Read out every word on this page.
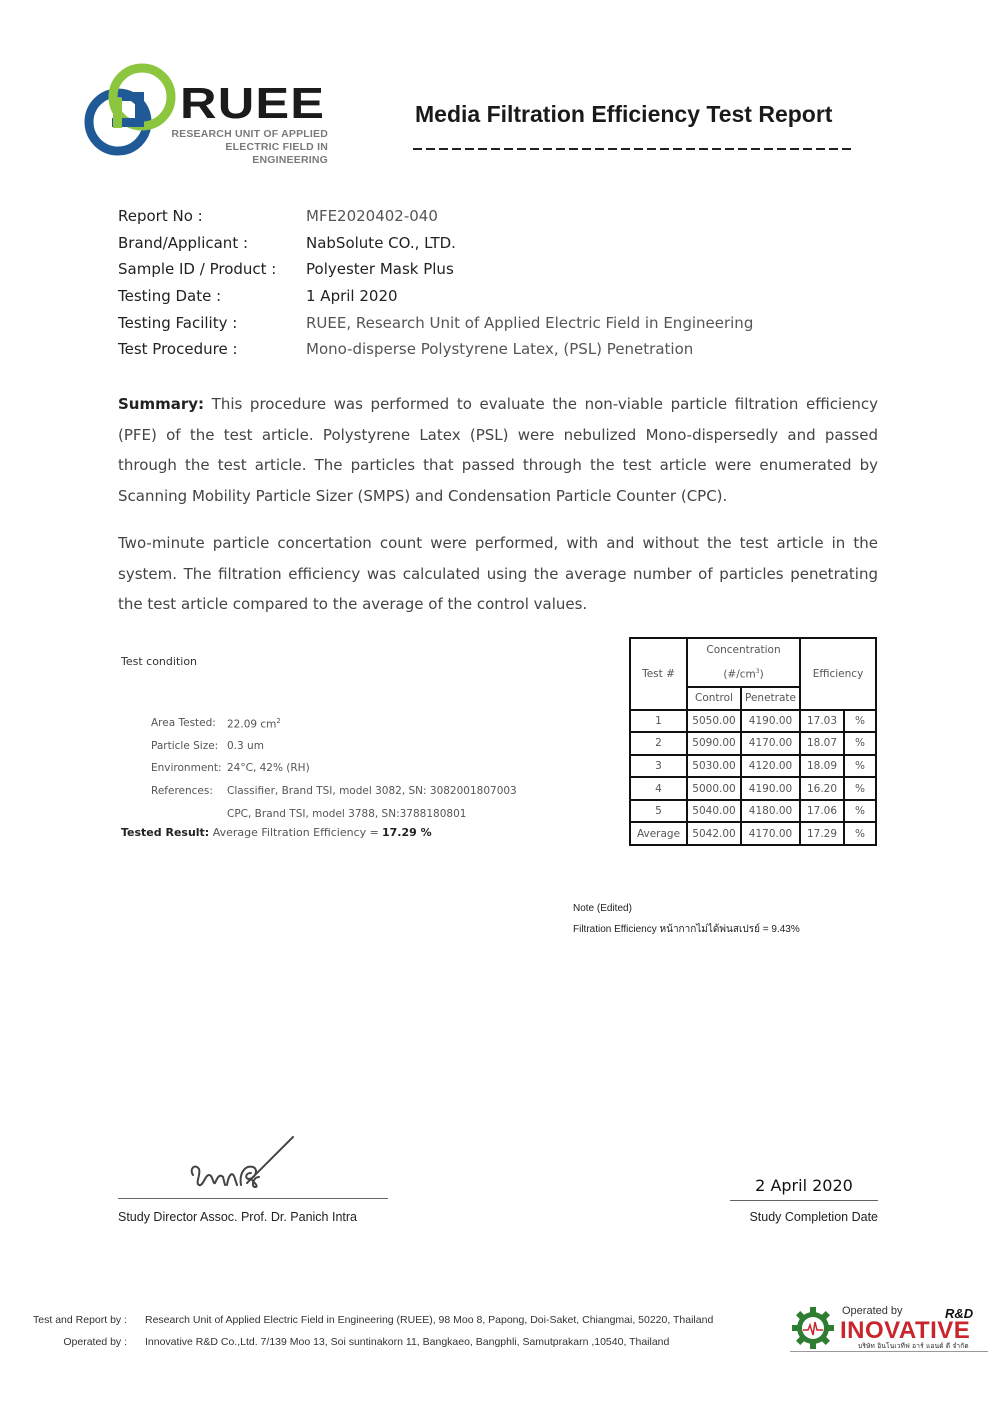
RUEE
RESEARCH UNIT OF APPLIED
ELECTRIC FIELD IN ENGINEERING
Media Filtration Efficiency Test Report
Report No :	MFE2020402-040
Brand/Applicant :	NabSolute CO., LTD.
Sample ID / Product :	Polyester Mask Plus
Testing Date :	1 April 2020
Testing Facility :	RUEE, Research Unit of Applied Electric Field in Engineering
Test Procedure :	Mono-disperse Polystyrene Latex, (PSL) Penetration
Summary: This procedure was performed to evaluate the non-viable particle filtration efficiency (PFE) of the test article. Polystyrene Latex (PSL) were nebulized Mono-dispersedly and passed through the test article. The particles that passed through the test article were enumerated by Scanning Mobility Particle Sizer (SMPS) and Condensation Particle Counter (CPC).
Two-minute particle concertation count were performed, with and without the test article in the system. The filtration efficiency was calculated using the average number of particles penetrating the test article compared to the average of the control values.
Test condition
Area Tested:	22.09 $cm^2$
Particle Size: 0.3 um
Environment: 24°C, 42% (RH)
References:	Classifier, Brand TSI, model 3082, SN: 3082001807003
CPC, Brand TSI, model 3788, SN:3788180801
Tested Result: Average Filtration Efficiency = 17.29 %
Test #	Concentration
$(\#/cm^3)$		Efficiency	
	Control	Penetrate		
1	5050.00	4190.00	17.03	%
2	5090.00	4170.00	18.07	%
3	5030.00	4120.00	18.09	%
4	5000.00	4190.00	16.20	%
5	5040.00	4180.00	17.06	%
Average	5042.00	4170.00	17.29	%
Note (Edited)
Filtration Efficiency หน้ากากไม่ได้พ่นสเปรย์ = 9.43%
Study Director Assoc. Prof. Dr. Panich Intra
2 April 2020
Study Completion Date
Test and Report by :	Research Unit of Applied Electric Field in Engineering (RUEE), 98 Moo 8, Papong, Doi-Saket, Chiangmai, 50220, Thailand
Operated by :	Innovative R&D Co.,Ltd. 7/139 Moo 13, Soi suntinakorn 11, Bangkaeo, Bangphli, Samutprakarn ,10540, Thailand
Operated by	R&D
INOVATIVE
บริษัท อินโนเวทีฟ อาร์ แอนด์ ดี จำกัด
